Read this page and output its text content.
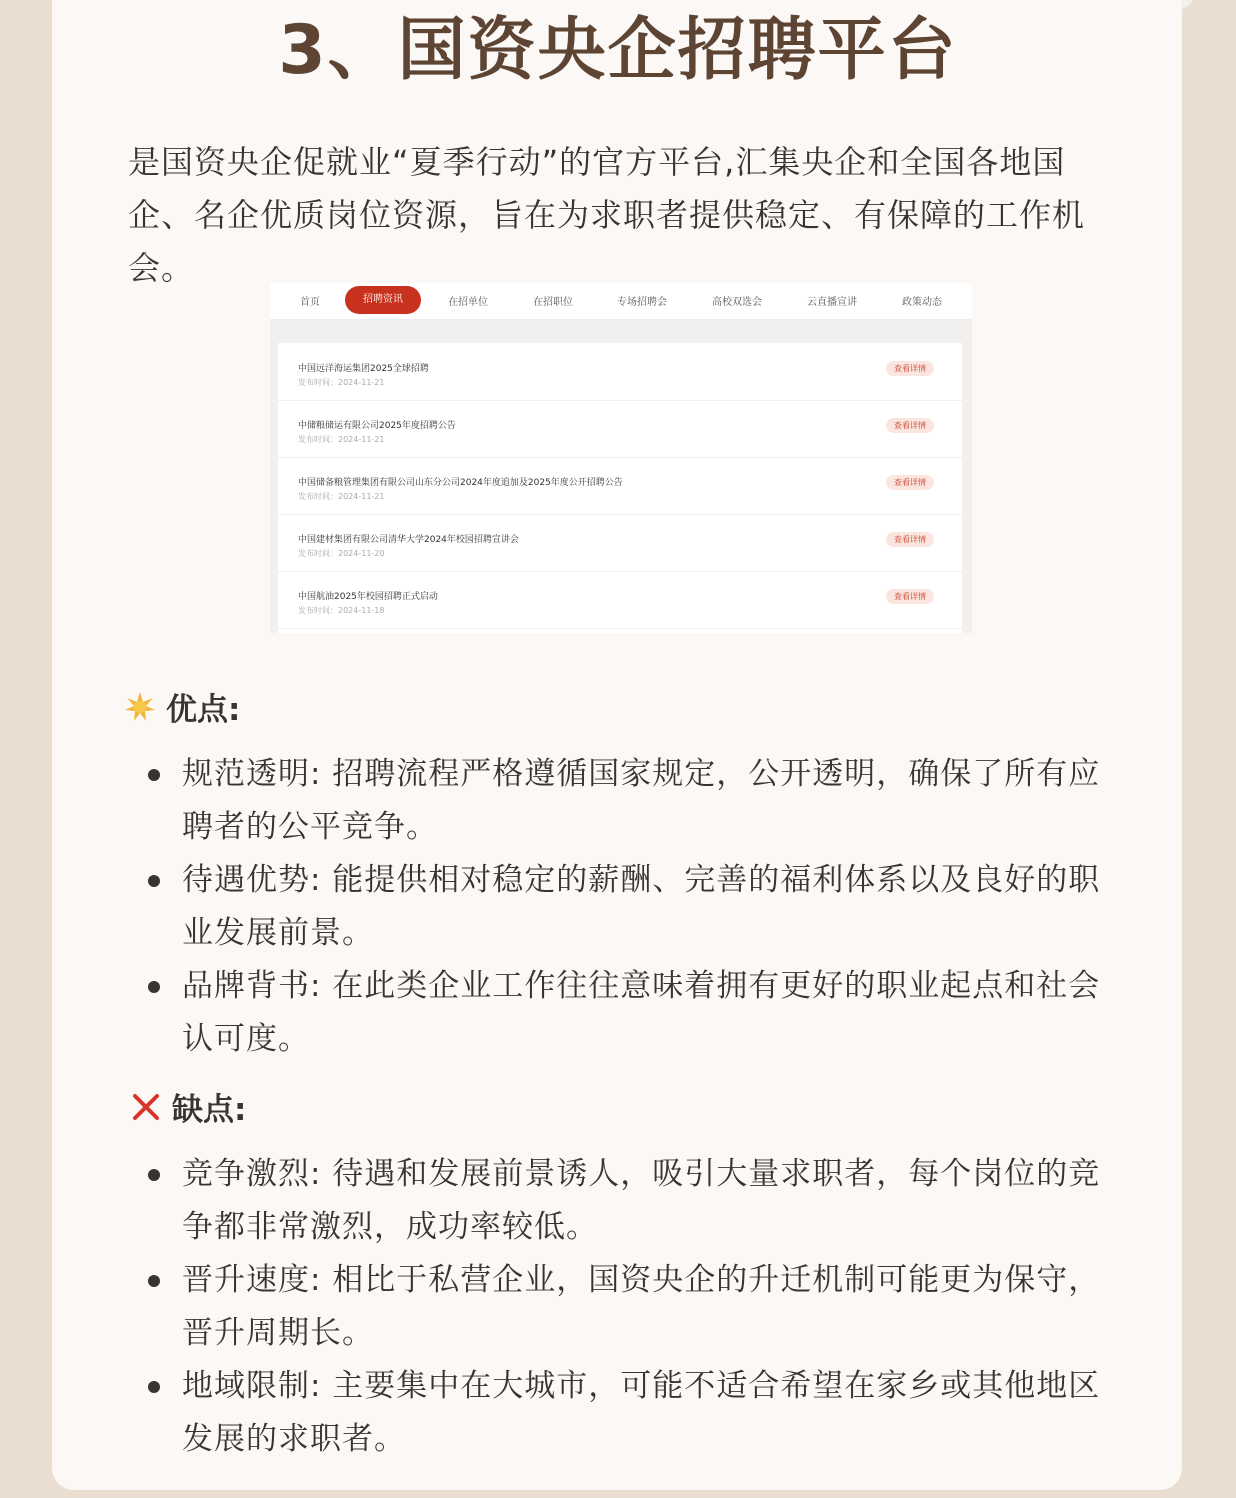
3、国资央企招聘平台
是国资央企促就业“夏季行动”的官方平台,汇集央企和全国各地国企、名企优质岗位资源，旨在为求职者提供稳定、有保障的工作机会。
首页	招聘资讯	在招单位	在招职位	专场招聘会	高校双选会	云直播宣讲	政策动态
中国远洋海运集团2025全球招聘
发布时间：2024-11-21
查看详情
中储粮储运有限公司2025年度招聘公告
发布时间：2024-11-21
查看详情
中国储备粮管理集团有限公司山东分公司2024年度追加及2025年度公开招聘公告
发布时间：2024-11-21
查看详情
中国建材集团有限公司清华大学2024年校园招聘宣讲会
发布时间：2024-11-20
查看详情
中国航油2025年校园招聘正式启动
发布时间：2024-11-18
查看详情
优点:
规范透明: 招聘流程严格遵循国家规定，公开透明，确保了所有应聘者的公平竞争。
待遇优势: 能提供相对稳定的薪酬、完善的福利体系以及良好的职业发展前景。
品牌背书: 在此类企业工作往往意味着拥有更好的职业起点和社会认可度。
缺点:
竞争激烈: 待遇和发展前景诱人，吸引大量求职者，每个岗位的竞争都非常激烈，成功率较低。
晋升速度: 相比于私营企业，国资央企的升迁机制可能更为保守，晋升周期长。
地域限制: 主要集中在大城市，可能不适合希望在家乡或其他地区发展的求职者。
